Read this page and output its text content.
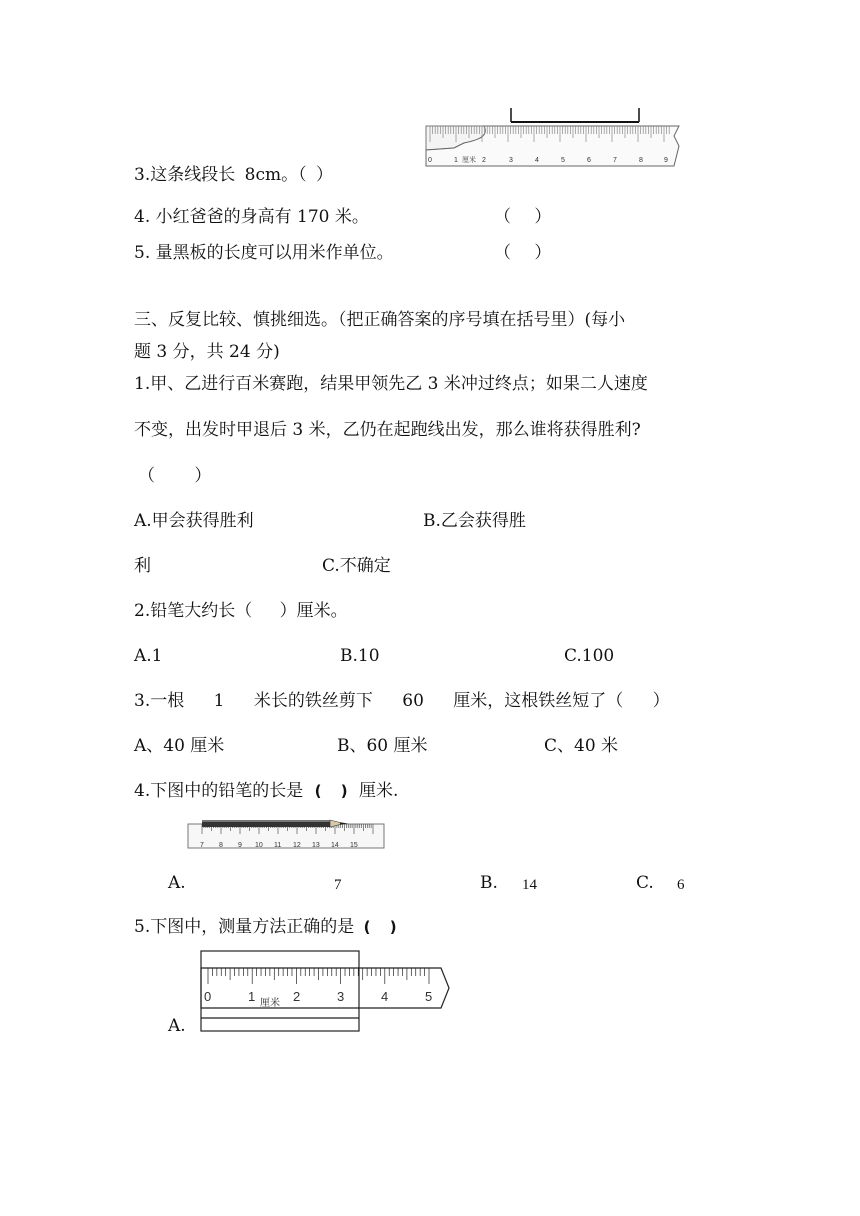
0	1 厘米 2	3	4	5	6	7	8	9
3.这条线段长 8cm。（ ）
4. 小红爸爸的身高有 170 米。	（ ）
5. 量黑板的长度可以用米作单位。	（ ）
三、反复比较、慎挑细选。（把正确答案的序号填在括号里）(每小
题 3 分，共 24 分)
1.甲、乙进行百米赛跑，结果甲领先乙 3 米冲过终点；如果二人速度
不变，出发时甲退后 3 米，乙仍在起跑线出发，那么谁将获得胜利?
（ ）
A.甲会获得胜利	B.乙会获得胜
利	C.不确定
2.铅笔大约长（ ）厘米。
A.1	B.10	C.100
3.一根 1 米长的铁丝剪下 60 厘米，这根铁丝短了（ ）
A、40 厘米	B、60 厘米	C、40 米
4.下图中的铅笔的长是 ( ) 厘米.
7 8 9 10 11 12 13 14 15
A.	7	B. 14	C. 6
5.下图中，测量方法正确的是 ( )
0	1 厘米 2	3	4	5
A.
